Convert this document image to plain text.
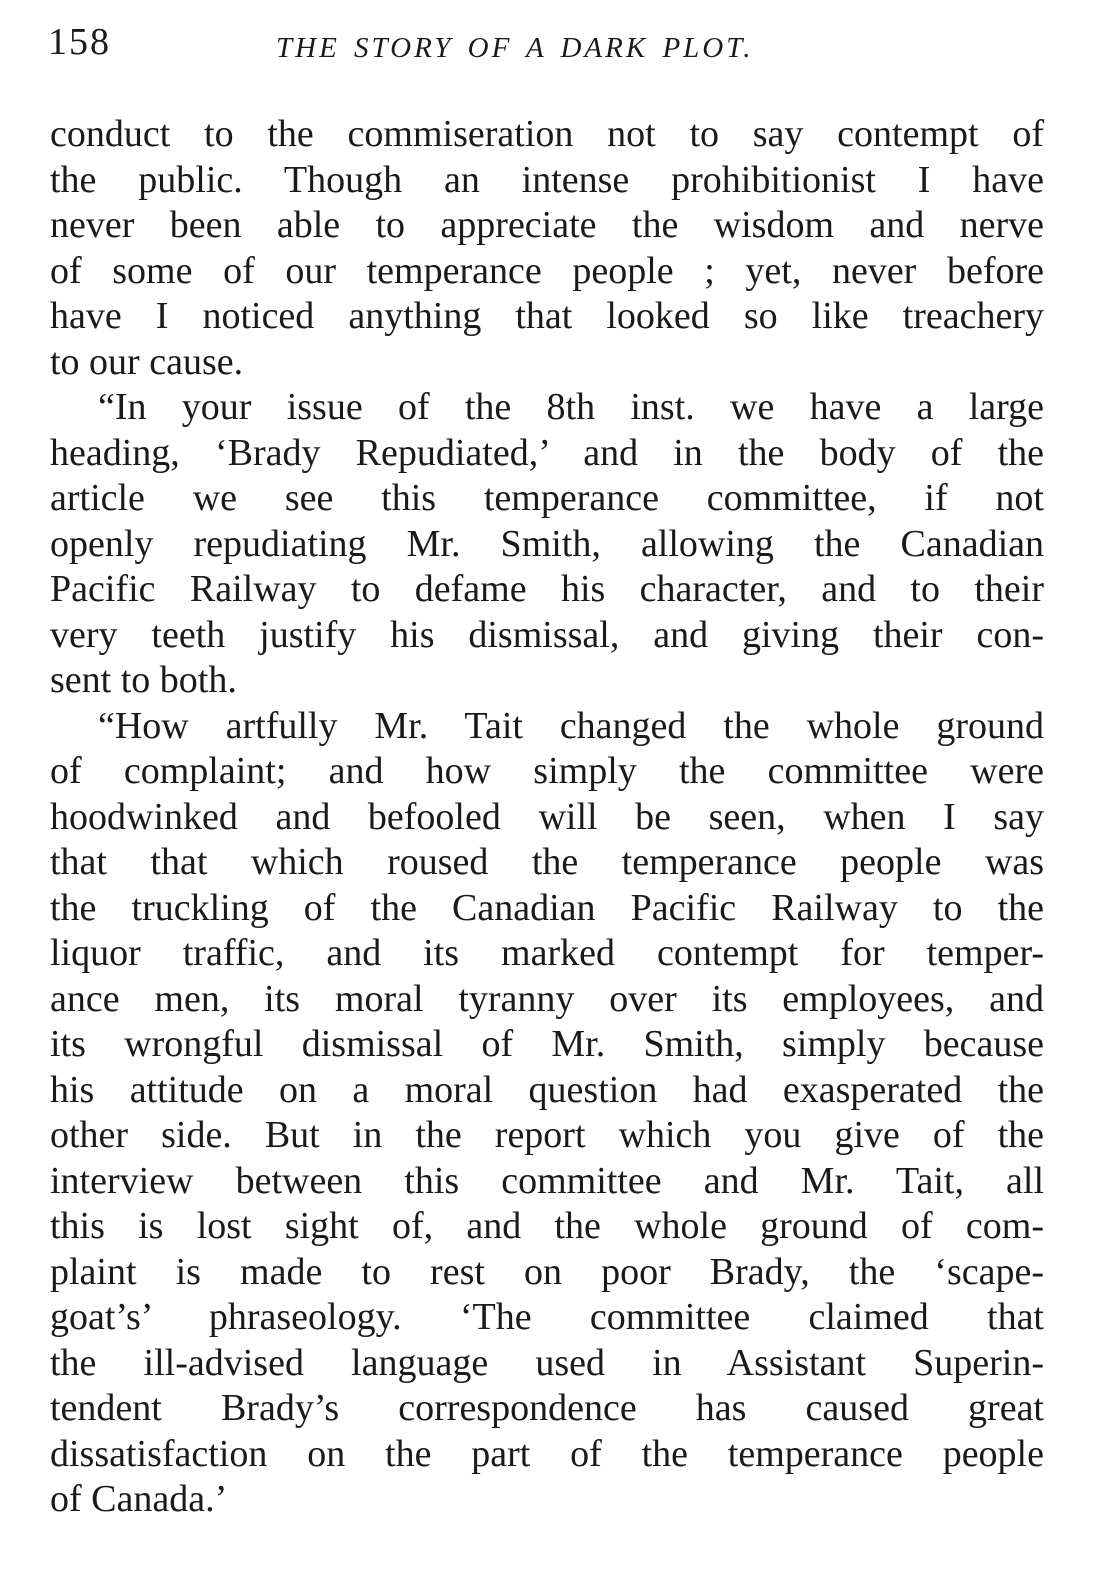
158	THE STORY OF A DARK PLOT.
conduct to the commiseration not to say contempt of
the public. Though an intense prohibitionist I have
never been able to appreciate the wisdom and nerve
of some of our temperance people ; yet, never before
have I noticed anything that looked so like treachery
to our cause.
“In your issue of the 8th inst. we have a large
heading, ‘Brady Repudiated,’ and in the body of the
article we see this temperance committee, if not
openly repudiating Mr. Smith, allowing the Canadian
Pacific Railway to defame his character, and to their
very teeth justify his dismissal, and giving their con-
sent to both.
“How artfully Mr. Tait changed the whole ground
of complaint; and how simply the committee were
hoodwinked and befooled will be seen, when I say
that that which roused the temperance people was
the truckling of the Canadian Pacific Railway to the
liquor traffic, and its marked contempt for temper-
ance men, its moral tyranny over its employees, and
its wrongful dismissal of Mr. Smith, simply because
his attitude on a moral question had exasperated the
other side. But in the report which you give of the
interview between this committee and Mr. Tait, all
this is lost sight of, and the whole ground of com-
plaint is made to rest on poor Brady, the ‘scape-
goat’s’ phraseology. ‘The committee claimed that
the ill-advised language used in Assistant Superin-
tendent Brady’s correspondence has caused great
dissatisfaction on the part of the temperance people
of Canada.’
